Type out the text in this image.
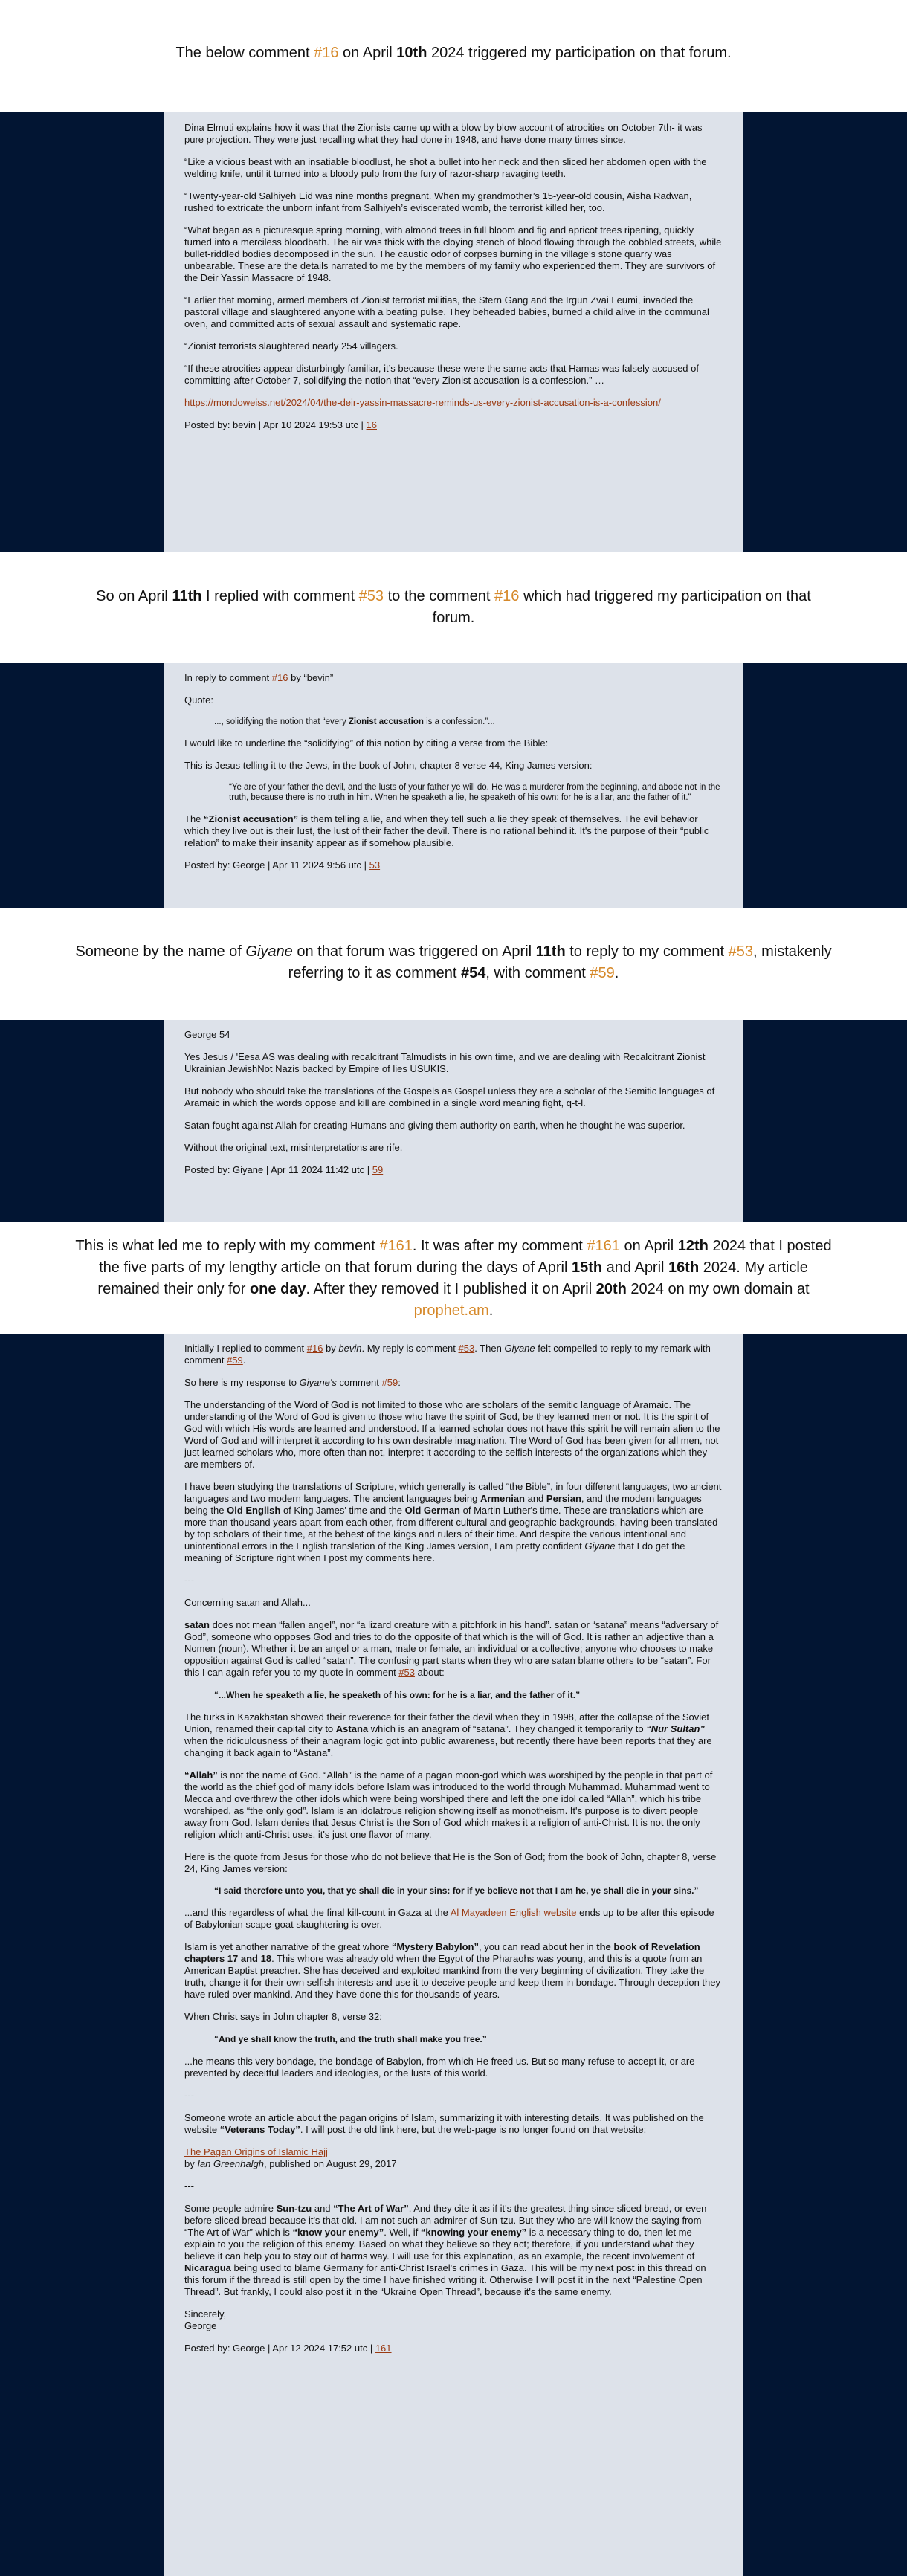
The below comment #16 on April 10th 2024 triggered my participation on that forum.

Dina Elmuti explains how it was that the Zionists came up with a blow by blow account of atrocities on October 7th- it was pure projection. They were just recalling what they had done in 1948, and have done many times since.

“Like a vicious beast with an insatiable bloodlust, he shot a bullet into her neck and then sliced her abdomen open with the welding knife, until it turned into a bloody pulp from the fury of razor-sharp ravaging teeth.

“Twenty-year-old Salhiyeh Eid was nine months pregnant. When my grandmother’s 15-year-old cousin, Aisha Radwan, rushed to extricate the unborn infant from Salhiyeh’s eviscerated womb, the terrorist killed her, too.

“What began as a picturesque spring morning, with almond trees in full bloom and fig and apricot trees ripening, quickly turned into a merciless bloodbath. The air was thick with the cloying stench of blood flowing through the cobbled streets, while bullet-riddled bodies decomposed in the sun. The caustic odor of corpses burning in the village’s stone quarry was unbearable. These are the details narrated to me by the members of my family who experienced them. They are survivors of the Deir Yassin Massacre of 1948.

“Earlier that morning, armed members of Zionist terrorist militias, the Stern Gang and the Irgun Zvai Leumi, invaded the pastoral village and slaughtered anyone with a beating pulse. They beheaded babies, burned a child alive in the communal oven, and committed acts of sexual assault and systematic rape.

“Zionist terrorists slaughtered nearly 254 villagers.

“If these atrocities appear disturbingly familiar, it’s because these were the same acts that Hamas was falsely accused of committing after October 7, solidifying the notion that “every Zionist accusation is a confession.” …

https://mondoweiss.net/2024/04/the-deir-yassin-massacre-reminds-us-every-zionist-accusation-is-a-confession/

Posted by: bevin | Apr 10 2024 19:53 utc | 16

So on April 11th I replied with comment #53 to the comment #16 which had triggered my participation on that forum.

In reply to comment #16 by “bevin”

Quote:

..., solidifying the notion that “every Zionist accusation is a confession.”...

I would like to underline the “solidifying” of this notion by citing a verse from the Bible:

This is Jesus telling it to the Jews, in the book of John, chapter 8 verse 44, King James version:

“Ye are of your father the devil, and the lusts of your father ye will do. He was a murderer from the beginning, and abode not in the truth, because there is no truth in him. When he speaketh a lie, he speaketh of his own: for he is a liar, and the father of it.”

The “Zionist accusation” is them telling a lie, and when they tell such a lie they speak of themselves. The evil behavior which they live out is their lust, the lust of their father the devil. There is no rational behind it. It's the purpose of their “public relation” to make their insanity appear as if somehow plausible.

Posted by: George | Apr 11 2024 9:56 utc | 53

Someone by the name of Giyane on that forum was triggered on April 11th to reply to my comment #53, mistakenly referring to it as comment #54, with comment #59.

George 54

Yes Jesus / 'Eesa AS was dealing with recalcitrant Talmudists in his own time, and we are dealing with Recalcitrant Zionist Ukrainian JewishNot Nazis backed by Empire of lies USUKIS.

But nobody who should take the translations of the Gospels as Gospel unless they are a scholar of the Semitic languages of Aramaic in which the words oppose and kill are combined in a single word meaning fight, q-t-l.

Satan fought against Allah for creating Humans and giving them authority on earth, when he thought he was superior.

Without the original text, misinterpretations are rife.

Posted by: Giyane | Apr 11 2024 11:42 utc | 59

This is what led me to reply with my comment #161. It was after my comment #161 on April 12th 2024 that I posted the five parts of my lengthy article on that forum during the days of April 15th and April 16th 2024. My article remained their only for one day. After they removed it I published it on April 20th 2024 on my own domain at prophet.am.

Initially I replied to comment #16 by bevin. My reply is comment #53. Then Giyane felt compelled to reply to my remark with comment #59.

So here is my response to Giyane's comment #59:

The understanding of the Word of God is not limited to those who are scholars of the semitic language of Aramaic. The understanding of the Word of God is given to those who have the spirit of God, be they learned men or not. It is the spirit of God with which His words are learned and understood. If a learned scholar does not have this spirit he will remain alien to the Word of God and will interpret it according to his own desirable imagination. The Word of God has been given for all men, not just learned scholars who, more often than not, interpret it according to the selfish interests of the organizations which they are members of.

I have been studying the translations of Scripture, which generally is called “the Bible”, in four different languages, two ancient languages and two modern languages. The ancient languages being Armenian and Persian, and the modern languages being the Old English of King James' time and the Old German of Martin Luther's time. These are translations which are more than thousand years apart from each other, from different cultural and geographic backgrounds, having been translated by top scholars of their time, at the behest of the kings and rulers of their time. And despite the various intentional and unintentional errors in the English translation of the King James version, I am pretty confident Giyane that I do get the meaning of Scripture right when I post my comments here.

---

Concerning satan and Allah...

satan does not mean “fallen angel”, nor “a lizard creature with a pitchfork in his hand”. satan or “satana” means “adversary of God”, someone who opposes God and tries to do the opposite of that which is the will of God. It is rather an adjective than a Nomen (noun). Whether it be an angel or a man, male or female, an individual or a collective; anyone who chooses to make opposition against God is called “satan”. The confusing part starts when they who are satan blame others to be “satan”. For this I can again refer you to my quote in comment #53 about:

“...When he speaketh a lie, he speaketh of his own: for he is a liar, and the father of it.”

The turks in Kazakhstan showed their reverence for their father the devil when they in 1998, after the collapse of the Soviet Union, renamed their capital city to Astana which is an anagram of “satana”. They changed it temporarily to “Nur Sultan” when the ridiculousness of their anagram logic got into public awareness, but recently there have been reports that they are changing it back again to “Astana”.

“Allah” is not the name of God. “Allah” is the name of a pagan moon-god which was worshiped by the people in that part of the world as the chief god of many idols before Islam was introduced to the world through Muhammad. Muhammad went to Mecca and overthrew the other idols which were being worshiped there and left the one idol called “Allah”, which his tribe worshiped, as “the only god”. Islam is an idolatrous religion showing itself as monotheism. It's purpose is to divert people away from God. Islam denies that Jesus Christ is the Son of God which makes it a religion of anti-Christ. It is not the only religion which anti-Christ uses, it's just one flavor of many.

Here is the quote from Jesus for those who do not believe that He is the Son of God; from the book of John, chapter 8, verse 24, King James version:

“I said therefore unto you, that ye shall die in your sins: for if ye believe not that I am he, ye shall die in your sins.”

...and this regardless of what the final kill-count in Gaza at the Al Mayadeen English website ends up to be after this episode of Babylonian scape-goat slaughtering is over.

Islam is yet another narrative of the great whore “Mystery Babylon”, you can read about her in the book of Revelation chapters 17 and 18. This whore was already old when the Egypt of the Pharaohs was young, and this is a quote from an American Baptist preacher. She has deceived and exploited mankind from the very beginning of civilization. They take the truth, change it for their own selfish interests and use it to deceive people and keep them in bondage. Through deception they have ruled over mankind. And they have done this for thousands of years.

When Christ says in John chapter 8, verse 32:

“And ye shall know the truth, and the truth shall make you free.”

...he means this very bondage, the bondage of Babylon, from which He freed us. But so many refuse to accept it, or are prevented by deceitful leaders and ideologies, or the lusts of this world.

---

Someone wrote an article about the pagan origins of Islam, summarizing it with interesting details. It was published on the website “Veterans Today”. I will post the old link here, but the web-page is no longer found on that website:

The Pagan Origins of Islamic Hajj
by Ian Greenhalgh, published on August 29, 2017

---

Some people admire Sun-tzu and “The Art of War”. And they cite it as if it's the greatest thing since sliced bread, or even before sliced bread because it's that old. I am not such an admirer of Sun-tzu. But they who are will know the saying from “The Art of War” which is “know your enemy”. Well, if “knowing your enemy” is a necessary thing to do, then let me explain to you the religion of this enemy. Based on what they believe so they act; therefore, if you understand what they believe it can help you to stay out of harms way. I will use for this explanation, as an example, the recent involvement of Nicaragua being used to blame Germany for anti-Christ Israel's crimes in Gaza. This will be my next post in this thread on this forum if the thread is still open by the time I have finished writing it. Otherwise I will post it in the next “Palestine Open Thread”. But frankly, I could also post it in the “Ukraine Open Thread”, because it's the same enemy.

Sincerely,
George

Posted by: George | Apr 12 2024 17:52 utc | 161
